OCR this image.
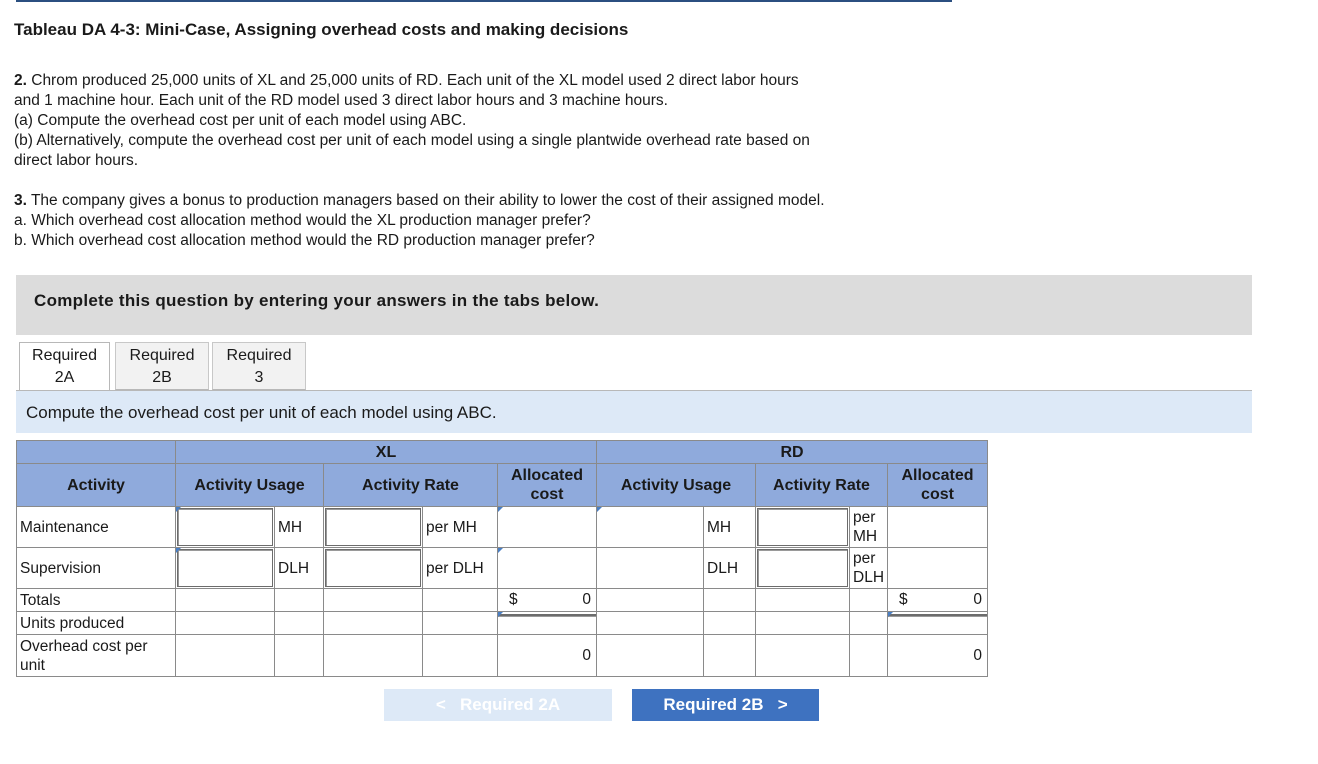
Tableau DA 4-3: Mini-Case, Assigning overhead costs and making decisions
2. Chrom produced 25,000 units of XL and 25,000 units of RD. Each unit of the XL model used 2 direct labor hours
and 1 machine hour. Each unit of the RD model used 3 direct labor hours and 3 machine hours.
(a) Compute the overhead cost per unit of each model using ABC.
(b) Alternatively, compute the overhead cost per unit of each model using a single plantwide overhead rate based on
direct labor hours.
3. The company gives a bonus to production managers based on their ability to lower the cost of their assigned model.
a. Which overhead cost allocation method would the XL production manager prefer?
b. Which overhead cost allocation method would the RD production manager prefer?
Complete this question by entering your answers in the tabs below.
Required
2A
Required
2B
Required
3
Compute the overhead cost per unit of each model using ABC.
	XL					RD				
Activity	Activity Usage		Activity Rate		Allocated cost	Activity Usage		Activity Rate		Allocated cost
Maintenance		MH		per MH			MH		per MH	
Supervision		DLH		per DLH			DLH		per DLH	
Totals					$ 0					$ 0

Units produced					

Overhead cost per unit					0					0
< Required 2A	Required 2B >
